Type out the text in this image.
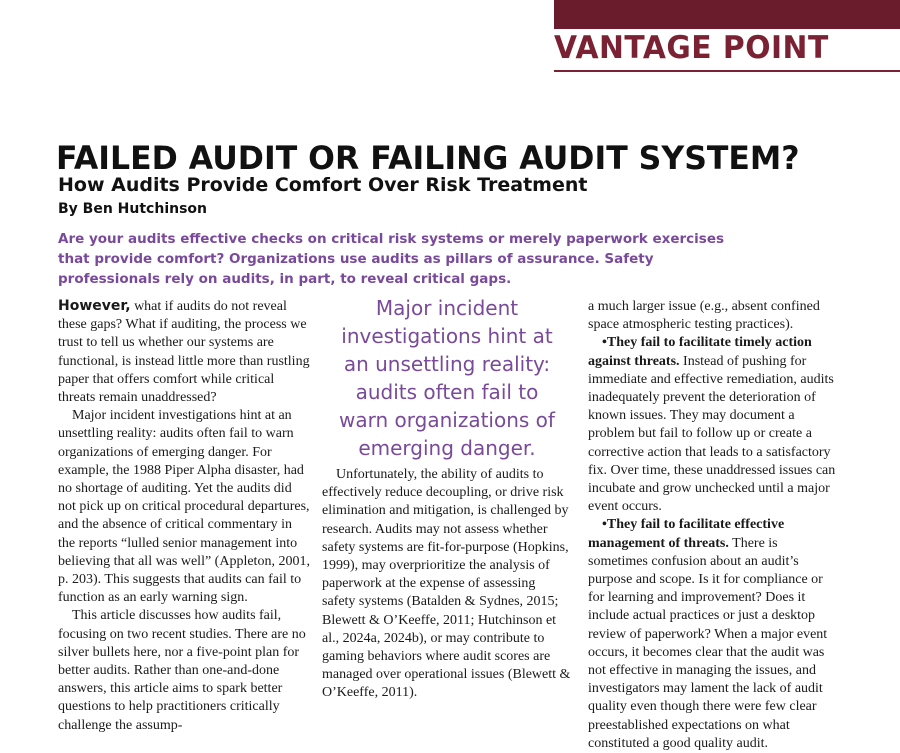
VANTAGE POINT
FAILED AUDIT OR FAILING AUDIT SYSTEM?
How Audits Provide Comfort Over Risk Treatment
By Ben Hutchinson
Are your audits effective checks on critical risk systems or merely paperwork exercises that provide comfort? Organizations use audits as pillars of assurance. Safety professionals rely on audits, in part, to reveal critical gaps.

However, what if audits do not reveal these gaps? What if auditing, the process we trust to tell us whether our systems are functional, is instead little more than rustling paper that offers comfort while critical threats remain unaddressed?

Major incident investigations hint at an unsettling reality: audits often fail to warn organizations of emerging danger. For example, the 1988 Piper Alpha disaster, had no shortage of auditing. Yet the audits did not pick up on critical procedural departures, and the absence of critical commentary in the reports “lulled senior management into believing that all was well” (Appleton, 2001, p. 203). This suggests that audits can fail to function as an early warning sign.

This article discusses how audits fail, focusing on two recent studies. There are no silver bullets here, nor a five-point plan for better audits. Rather than one-and-done answers, this article aims to spark better questions to help practitioners critically challenge the assump-

Major incident investigations hint at an unsettling reality: audits often fail to warn organizations of emerging danger.

Unfortunately, the ability of audits to effectively reduce decoupling, or drive risk elimination and mitigation, is challenged by research. Audits may not assess whether safety systems are fit-for-purpose (Hopkins, 1999), may overprioritize the analysis of paperwork at the expense of assessing safety systems (Batalden & Sydnes, 2015; Blewett & O’Keeffe, 2011; Hutchinson et al., 2024a, 2024b), or may contribute to gaming behaviors where audit scores are managed over operational issues (Blewett & O’Keeffe, 2011).

a much larger issue (e.g., absent confined space atmospheric testing practices).

•They fail to facilitate timely action against threats. Instead of pushing for immediate and effective remediation, audits inadequately prevent the deterioration of known issues. They may document a problem but fail to follow up or create a corrective action that leads to a satisfactory fix. Over time, these unaddressed issues can incubate and grow unchecked until a major event occurs.

•They fail to facilitate effective management of threats. There is sometimes confusion about an audit’s purpose and scope. Is it for compliance or for learning and improvement? Does it include actual practices or just a desktop review of paperwork? When a major event occurs, it becomes clear that the audit was not effective in managing the issues, and investigators may lament the lack of audit quality even though there were few clear preestablished expectations on what constituted a good quality audit.
